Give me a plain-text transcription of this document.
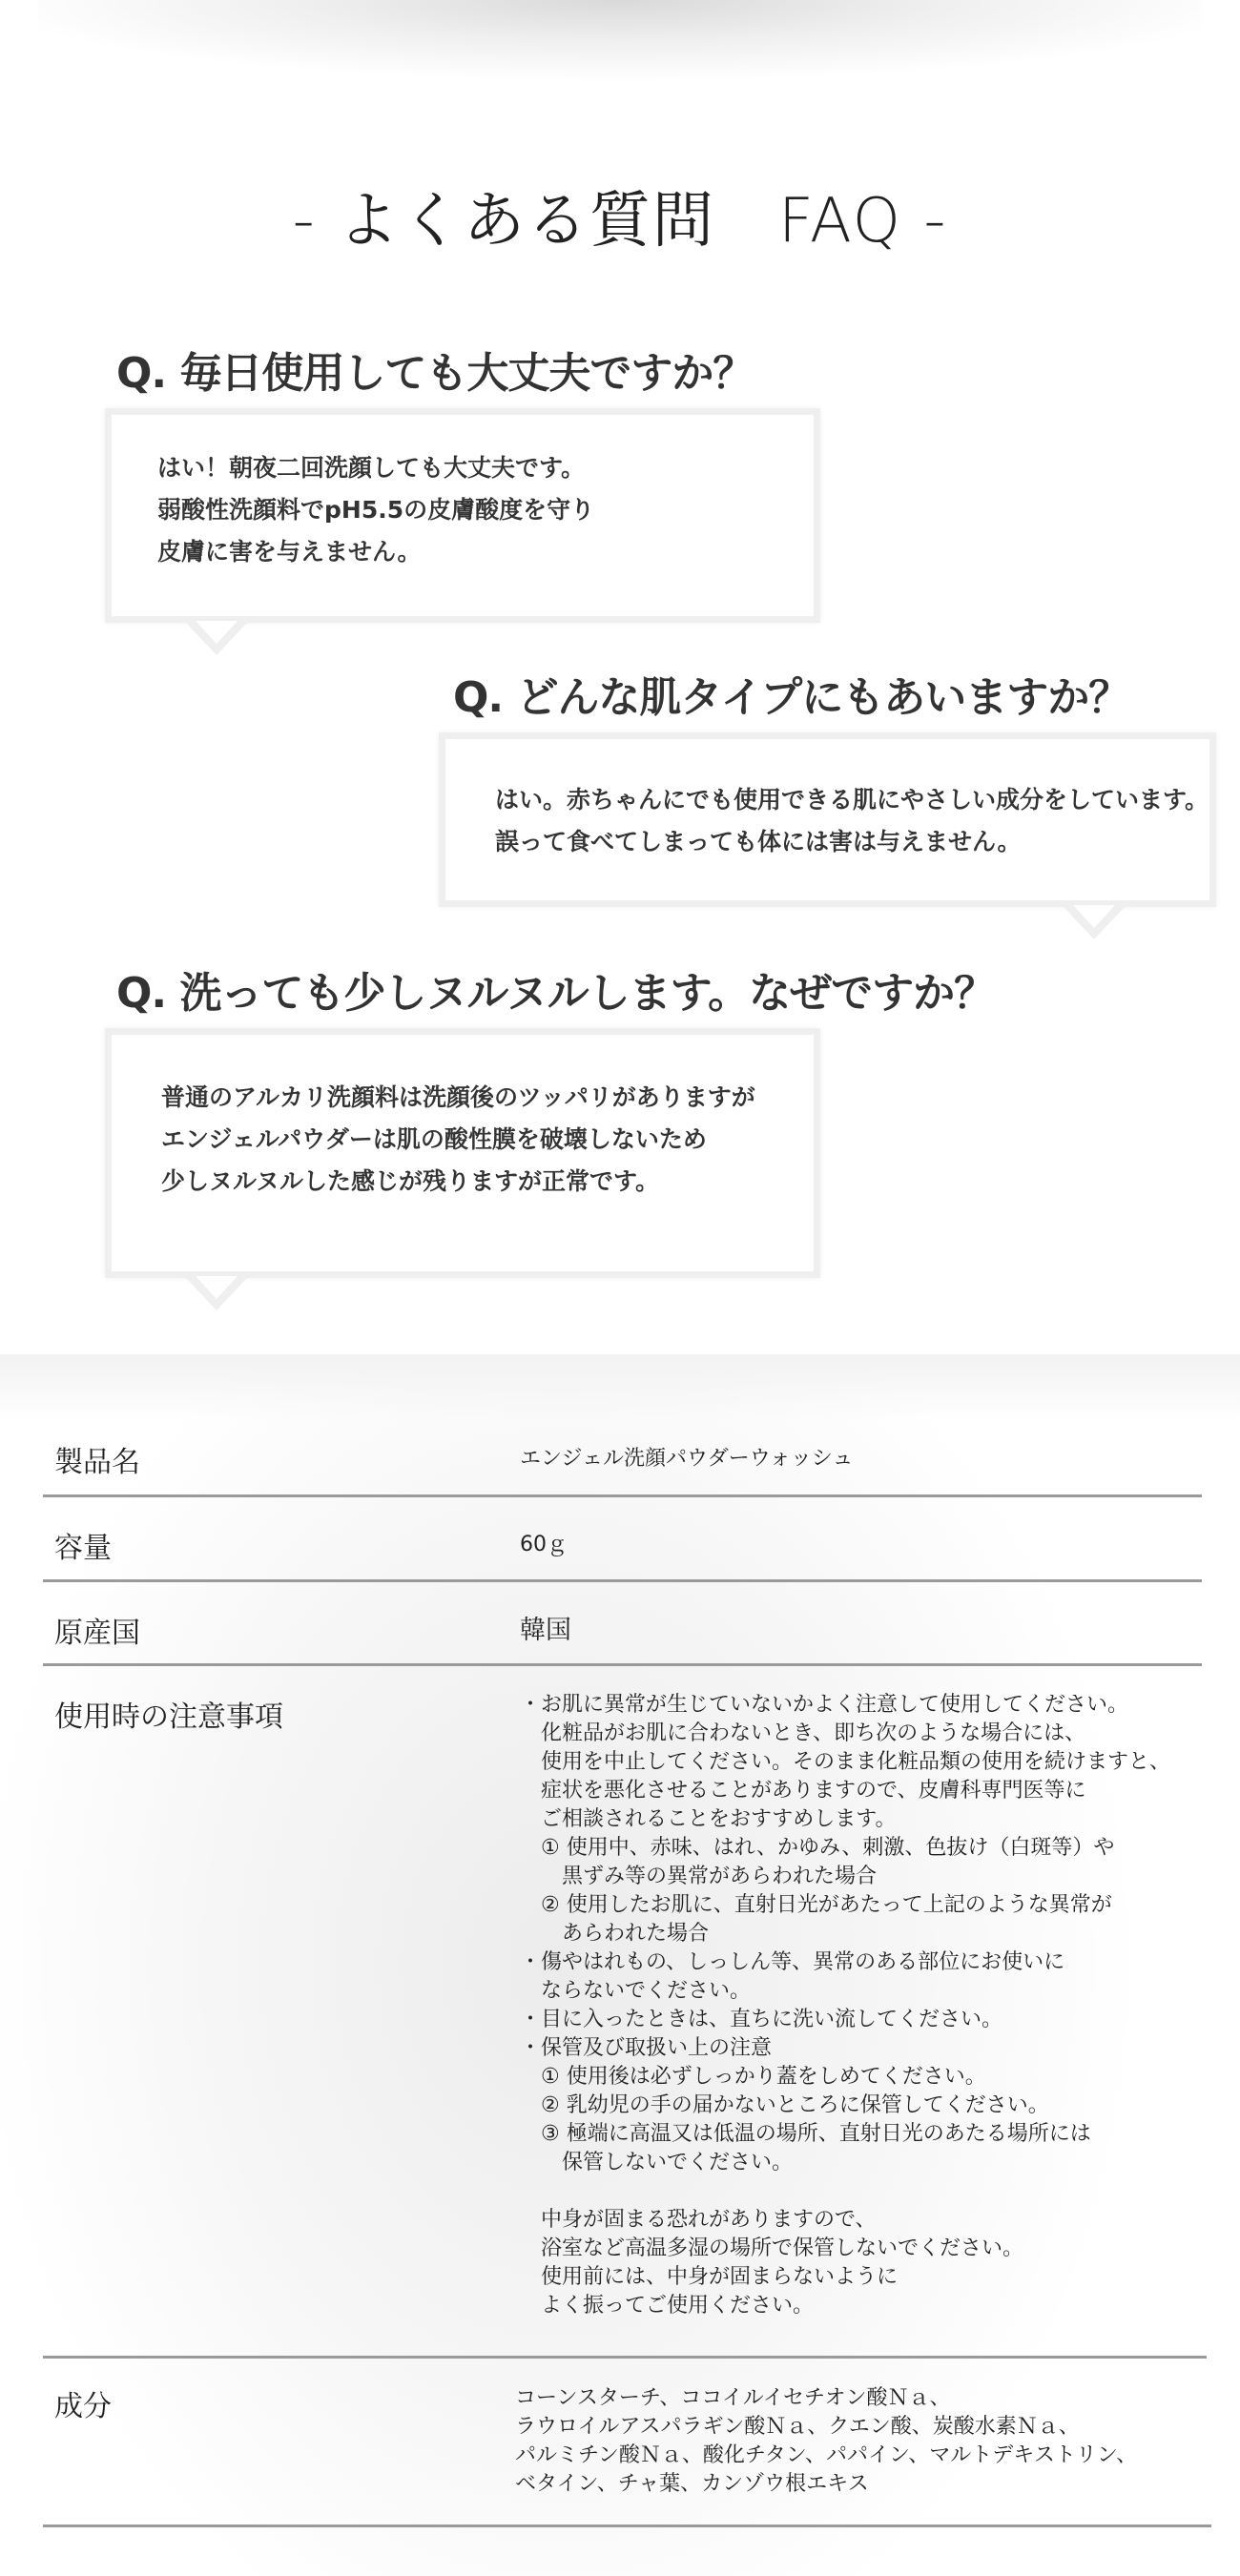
- よくある質問　FAQ -
Q. 毎日使用しても大丈夫ですか？
はい！朝夜二回洗顔しても大丈夫です。
弱酸性洗顔料でpH5.5の皮膚酸度を守り
皮膚に害を与えません。
Q. どんな肌タイプにもあいますか？
はい。赤ちゃんにでも使用できる肌にやさしい成分をしています。
誤って食べてしまっても体には害は与えません。
Q. 洗っても少しヌルヌルします。なぜですか？
普通のアルカリ洗顔料は洗顔後のツッパリがありますが
エンジェルパウダーは肌の酸性膜を破壊しないため
少しヌルヌルした感じが残りますが正常です。
製品名	エンジェル洗顔パウダーウォッシュ
容量	60ｇ
原産国	韓国
使用時の注意事項	・お肌に異常が生じていないかよく注意して使用してください。
　化粧品がお肌に合わないとき、即ち次のような場合には、
　使用を中止してください。そのまま化粧品類の使用を続けますと、
　症状を悪化させることがありますので、皮膚科専門医等に
　ご相談されることをおすすめします。
　① 使用中、赤味、はれ、かゆみ、刺激、色抜け（白斑等）や
　　黒ずみ等の異常があらわれた場合
　② 使用したお肌に、直射日光があたって上記のような異常が
　　あらわれた場合
・傷やはれもの、しっしん等、異常のある部位にお使いに
　ならないでください。
・目に入ったときは、直ちに洗い流してください。
・保管及び取扱い上の注意
　① 使用後は必ずしっかり蓋をしめてください。
　② 乳幼児の手の届かないところに保管してください。
　③ 極端に高温又は低温の場所、直射日光のあたる場所には
　　保管しないでください。

　中身が固まる恐れがありますので、
　浴室など高温多湿の場所で保管しないでください。
　使用前には、中身が固まらないように
　よく振ってご使用ください。
成分	コーンスターチ、ココイルイセチオン酸Ｎａ、
ラウロイルアスパラギン酸Ｎａ、クエン酸、炭酸水素Ｎａ、
パルミチン酸Ｎａ、酸化チタン、パパイン、マルトデキストリン、
ベタイン、チャ葉、カンゾウ根エキス
